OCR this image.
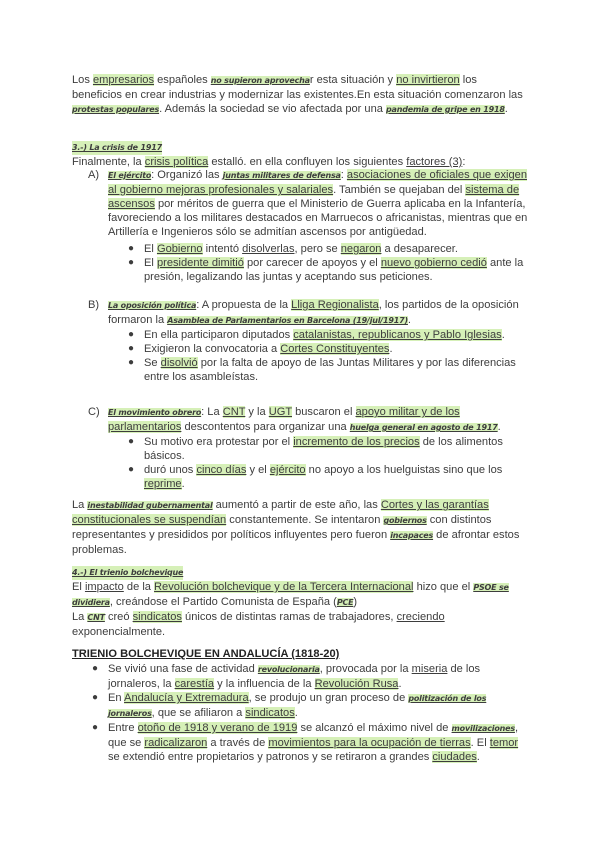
Los empresarios españoles no supieron aprovechar esta situación y no invirtieron los beneficios en crear industrias y modernizar las existentes.En esta situación comenzaron las protestas populares. Además la sociedad se vio afectada por una pandemia de gripe en 1918.

3.-) La crisis de 1917

Finalmente, la crisis política estalló. en ella confluyen los siguientes factores (3):

A) El ejército: Organizó las juntas militares de defensa: asociaciones de oficiales que exigen al gobierno mejoras profesionales y salariales. También se quejaban del sistema de ascensos por méritos de guerra que el Ministerio de Guerra aplicaba en la Infantería, favoreciendo a los militares destacados en Marruecos o africanistas, mientras que en Artillería e Ingenieros sólo se admitían ascensos por antigüedad.

● El Gobierno intentó disolverlas, pero se negaron a desaparecer.
● El presidente dimitió por carecer de apoyos y el nuevo gobierno cedió ante la presión, legalizando las juntas y aceptando sus peticiones.
B) La oposición política: A propuesta de la Lliga Regionalista, los partidos de la oposición formaron la Asamblea de Parlamentarios en Barcelona (19/jul/1917).

● En ella participaron diputados catalanistas, republicanos y Pablo Iglesias.
● Exigieron la convocatoria a Cortes Constituyentes.
● Se disolvió por la falta de apoyo de las Juntas Militares y por las diferencias entre los asambleístas.
C) El movimiento obrero: La CNT y la UGT buscaron el apoyo militar y de los parlamentarios descontentos para organizar una huelga general en agosto de 1917.

● Su motivo era protestar por el incremento de los precios de los alimentos básicos.
● duró unos cinco días y el ejército no apoyo a los huelguistas sino que los reprime.

La inestabilidad gubernamental aumentó a partir de este año, las Cortes y las garantías constitucionales se suspendían constantemente. Se intentaron gobiernos con distintos representantes y presididos por políticos influyentes pero fueron incapaces de afrontar estos problemas.

4.-) El trienio bolchevique

El impacto de la Revolución bolchevique y de la Tercera Internacional hizo que el PSOE se dividiera, creándose el Partido Comunista de España (PCE)

La CNT creó sindicatos únicos de distintas ramas de trabajadores, creciendo exponencialmente.

TRIENIO BOLCHEVIQUE EN ANDALUCÍA (1818-20)
● Se vivió una fase de actividad revolucionaria, provocada por la miseria de los jornaleros, la carestía y la influencia de la Revolución Rusa.
● En Andalucía y Extremadura, se produjo un gran proceso de politización de los jornaleros, que se afiliaron a sindicatos.
● Entre otoño de 1918 y verano de 1919 se alcanzó el máximo nivel de movilizaciones, que se radicalizaron a través de movimientos para la ocupación de tierras. El temor se extendió entre propietarios y patronos y se retiraron a grandes ciudades.
